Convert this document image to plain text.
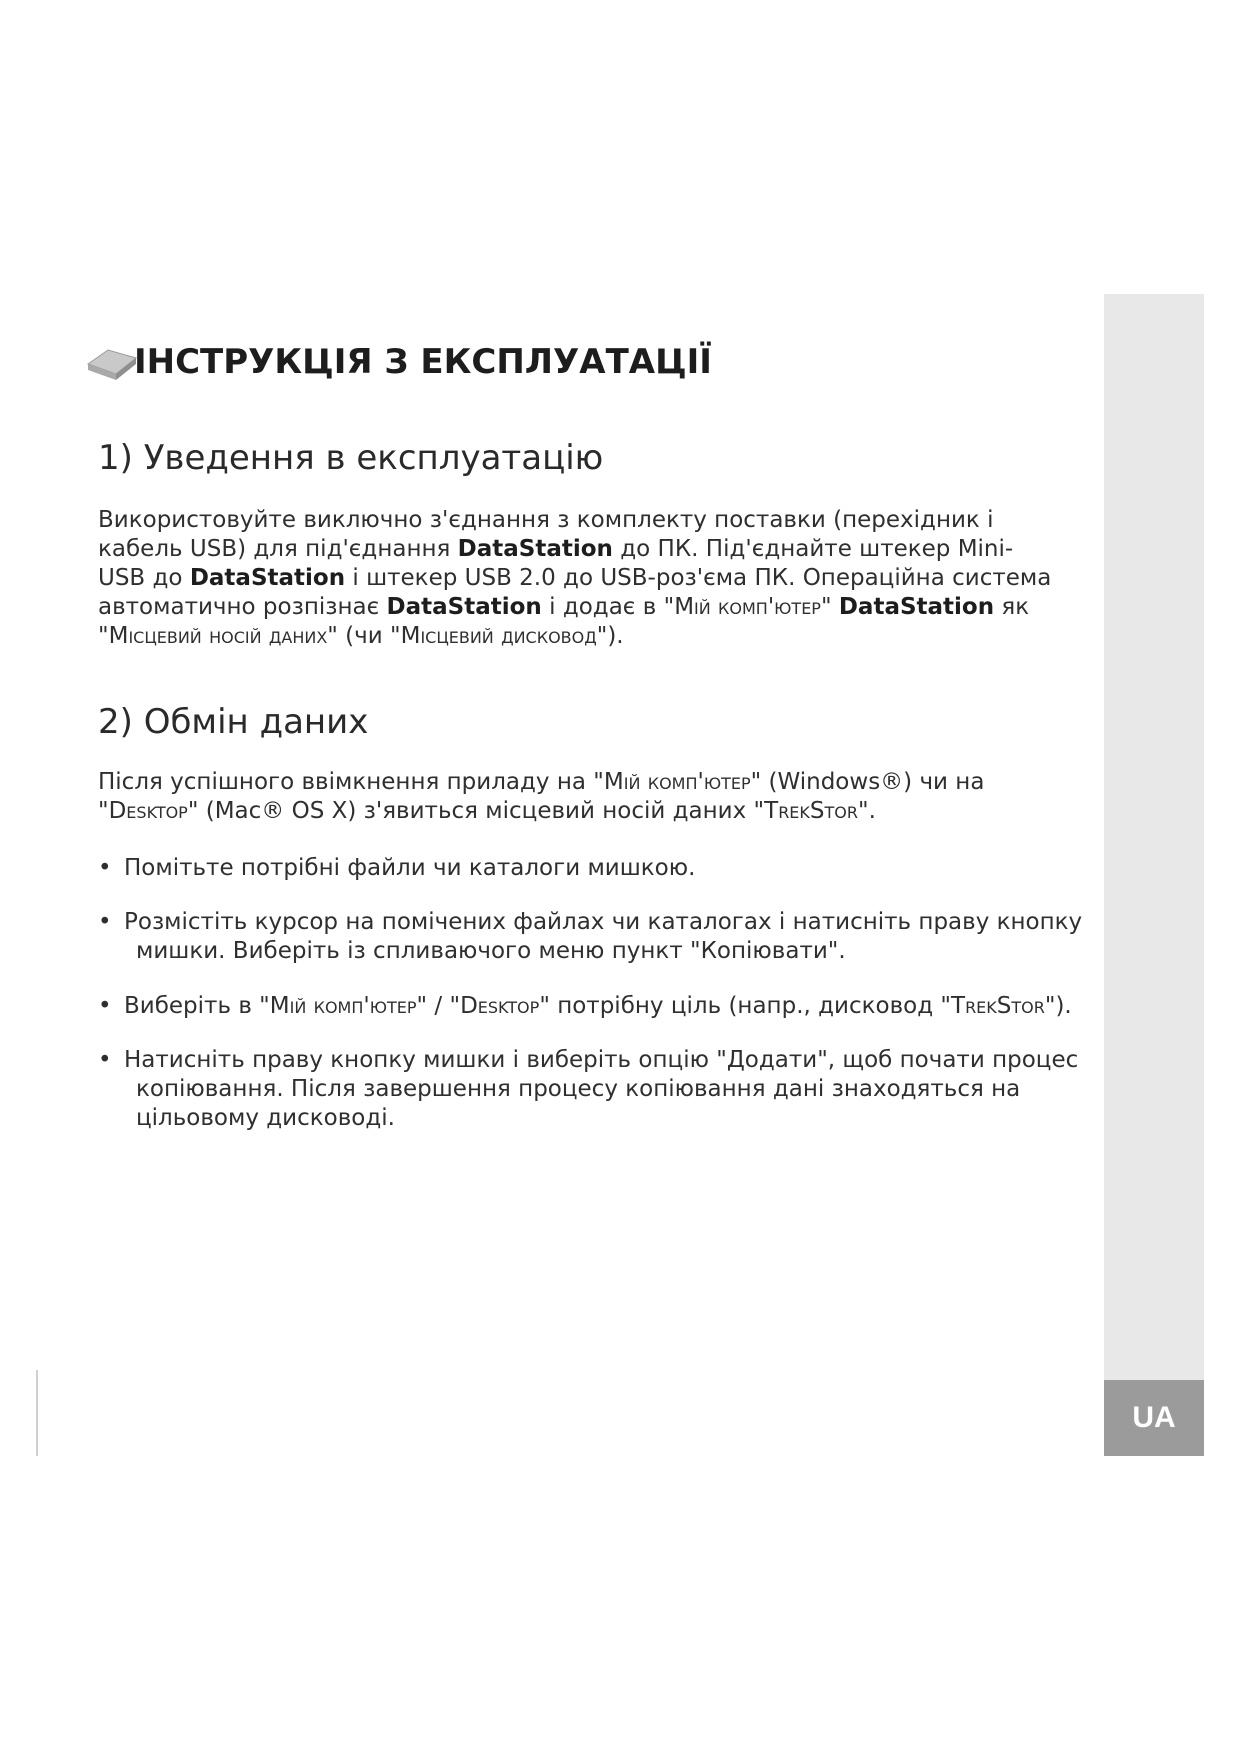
UA
ІНСТРУКЦІЯ З ЕКСПЛУАТАЦІЇ
1) Уведення в експлуатацію

Використовуйте виключно з'єднання з комплекту поставки (перехідник і кабель USB) для під'єднання DataStation до ПК. Під'єднайте штекер Mini-USB до DataStation і штекер USB 2.0 до USB-роз'єма ПК. Операційна система автоматично розпізнає DataStation і додає в "Мій комп'ютер" DataStation як "Місцевий носій даних" (чи "Місцевий дисковод").

2) Обмін даних

Після успішного ввімкнення приладу на "Мій комп'ютер" (Windows®) чи на "Desktop" (Mac® OS X) з'явиться місцевий носій даних "TrekStor".

• Помітьте потрібні файли чи каталоги мишкою.
• Розмістіть курсор на помічених файлах чи каталогах і натисніть праву кнопку
мишки. Виберіть із спливаючого меню пункт "Копіювати".
• Виберіть в "Мій комп'ютер" / "Desktop" потрібну ціль (напр., дисковод "TrekStor").
• Натисніть праву кнопку мишки і виберіть опцію "Додати", щоб почати процес
копіювання. Після завершення процесу копіювання дані знаходяться на
цільовому дисководі.
